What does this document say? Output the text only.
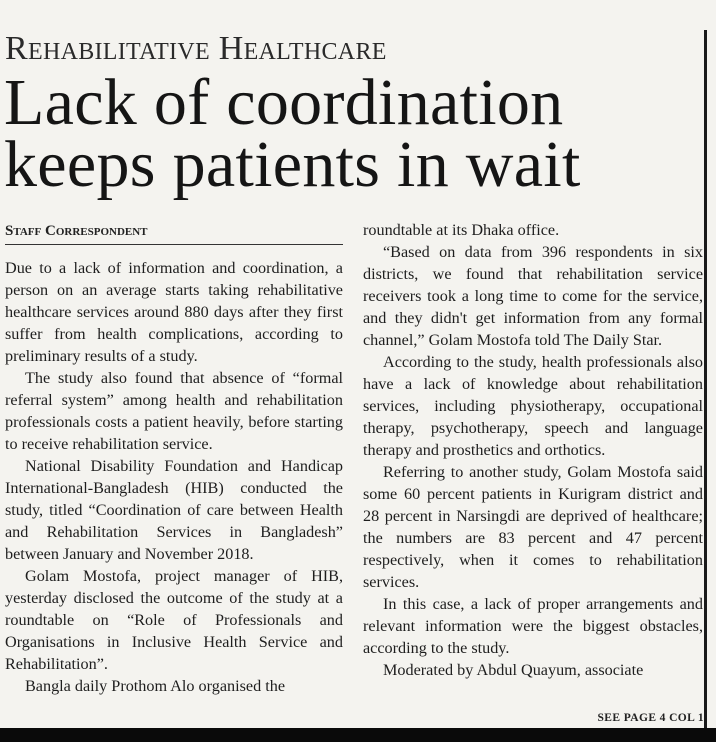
Rehabilitative Healthcare
Lack of coordination
keeps patients in wait
Staff Correspondent

Due to a lack of information and coordination, a person on an average starts taking rehabilitative healthcare services around 880 days after they first suffer from health complications, according to preliminary results of a study.

The study also found that absence of “formal referral system” among health and rehabilitation professionals costs a patient heavily, before starting to receive rehabilitation service.

National Disability Foundation and Handicap International-Bangladesh (HIB) conducted the study, titled “Coordination of care between Health and Rehabilitation Services in Bangladesh” between January and November 2018.

Golam Mostofa, project manager of HIB, yesterday disclosed the outcome of the study at a roundtable on “Role of Professionals and Organisations in Inclusive Health Service and Rehabilitation”.

Bangla daily Prothom Alo organised the

roundtable at its Dhaka office.

“Based on data from 396 respondents in six districts, we found that rehabilitation service receivers took a long time to come for the service, and they didn't get information from any formal channel,” Golam Mostofa told The Daily Star.

According to the study, health professionals also have a lack of knowledge about rehabilitation services, including physiotherapy, occupational therapy, psychotherapy, speech and language therapy and prosthetics and orthotics.

Referring to another study, Golam Mostofa said some 60 percent patients in Kurigram district and 28 percent in Narsingdi are deprived of healthcare; the numbers are 83 percent and 47 percent respectively, when it comes to rehabilitation services.

In this case, a lack of proper arrangements and relevant information were the biggest obstacles, according to the study.

Moderated by Abdul Quayum, associate

SEE PAGE 4 COL 1
